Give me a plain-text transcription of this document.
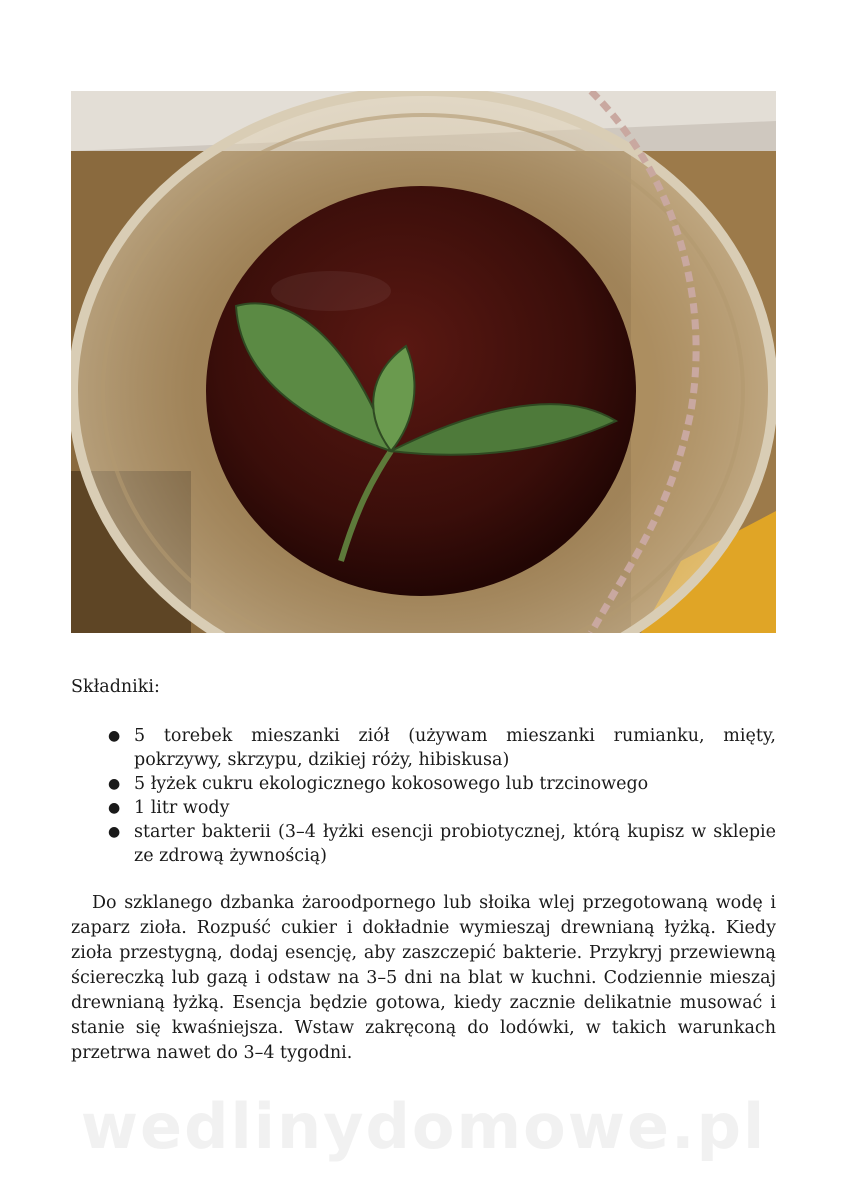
Składniki:
● 5 torebek mieszanki ziół (używam mieszanki rumianku, mięty, pokrzywy, skrzypu, dzikiej róży, hibiskusa)
● 5 łyżek cukru ekologicznego kokosowego lub trzcinowego
● 1 litr wody
● starter bakterii (3–4 łyżki esencji probiotycznej, którą kupisz w sklepie ze zdrową żywnością)

Do szklanego dzbanka żaroodpornego lub słoika wlej przegotowaną wodę i zaparz zioła. Rozpuść cukier i dokładnie wymieszaj drewnianą łyżką. Kiedy zioła przestygną, dodaj esencję, aby zaszczepić bakterie. Przykryj przewiewną ściereczką lub gazą i odstaw na 3–5 dni na blat w kuchni. Codziennie mieszaj drewnianą łyżką. Esencja będzie gotowa, kiedy zacznie delikatnie musować i stanie się kwaśniejsza. Wstaw zakręconą do lodówki, w takich warunkach przetrwa nawet do 3–4 tygodni.

wedlinydomowe.pl
